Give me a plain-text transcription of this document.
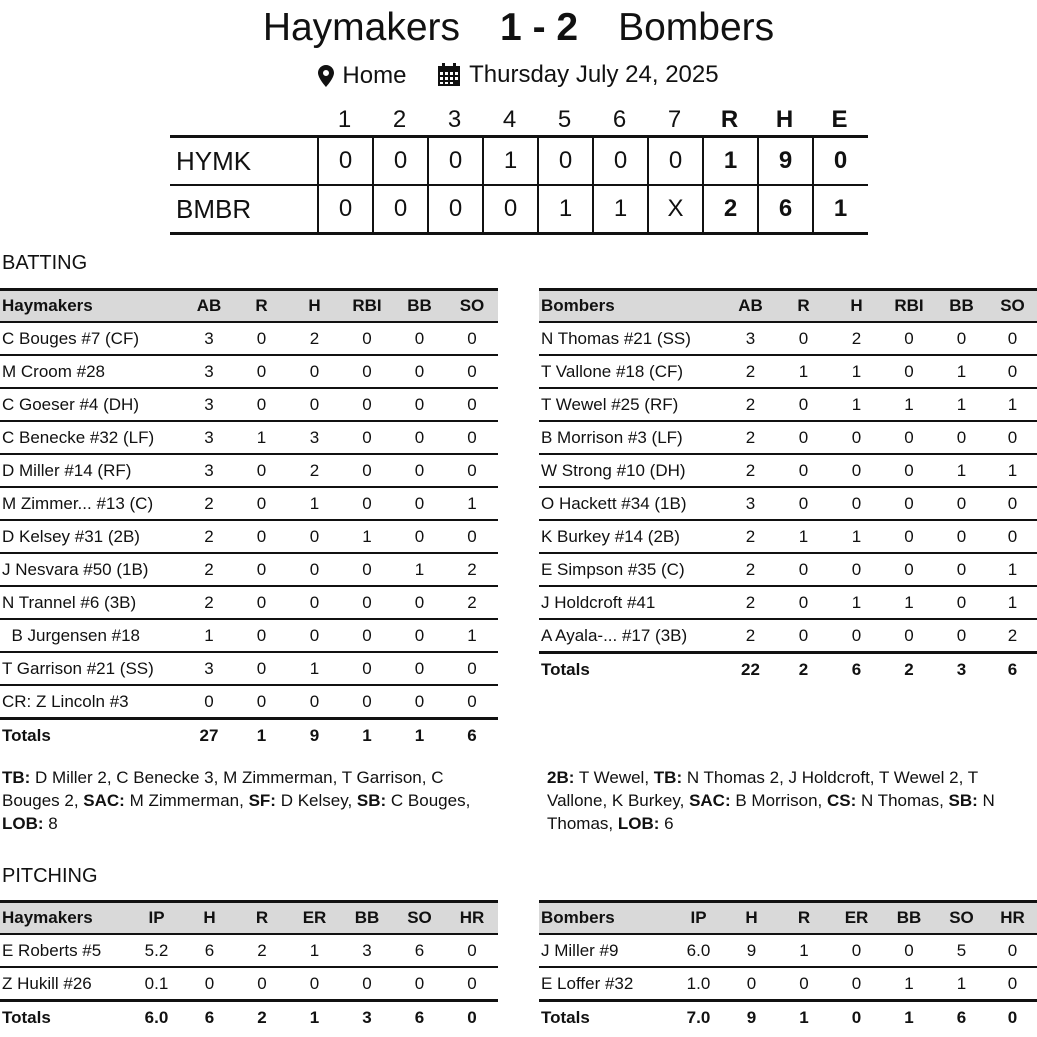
Haymakers 1 - 2 Bombers
Home
	Thursday July 24, 2025
1	2	3	4	5	6	7	R	H	E
HYMK	0	0	0	1	0	0	0	1	9	0
BMBR	0	0	0	0	1	1	X	2	6	1
BATTING
Haymakers	AB	R	H	RBI	BB	SO
C Bouges #7 (CF)	3	0	2	0	0	0
M Croom #28	3	0	0	0	0	0
C Goeser #4 (DH)	3	0	0	0	0	0
C Benecke #32 (LF)	3	1	3	0	0	0
D Miller #14 (RF)	3	0	2	0	0	0
M Zimmer... #13 (C)	2	0	1	0	0	1
D Kelsey #31 (2B)	2	0	0	1	0	0
J Nesvara #50 (1B)	2	0	0	0	1	2
N Trannel #6 (3B)	2	0	0	0	0	2
B Jurgensen #18	1	0	0	0	0	1
T Garrison #21 (SS)	3	0	1	0	0	0
CR: Z Lincoln #3	0	0	0	0	0	0
Totals	27	1	9	1	1	6
Bombers	AB	R	H	RBI	BB	SO
N Thomas #21 (SS)	3	0	2	0	0	0
T Vallone #18 (CF)	2	1	1	0	1	0
T Wewel #25 (RF)	2	0	1	1	1	1
B Morrison #3 (LF)	2	0	0	0	0	0
W Strong #10 (DH)	2	0	0	0	1	1
O Hackett #34 (1B)	3	0	0	0	0	0
K Burkey #14 (2B)	2	1	1	0	0	0
E Simpson #35 (C)	2	0	0	0	0	1
J Holdcroft #41	2	0	1	1	0	1
A Ayala-... #17 (3B)	2	0	0	0	0	2
Totals	22	2	6	2	3	6
TB: D Miller 2, C Benecke 3, M Zimmerman, T Garrison, C Bouges 2, SAC: M Zimmerman, SF: D Kelsey, SB: C Bouges, LOB: 8
2B: T Wewel, TB: N Thomas 2, J Holdcroft, T Wewel 2, T Vallone, K Burkey, SAC: B Morrison, CS: N Thomas, SB: N Thomas, LOB: 6
PITCHING
Haymakers	IP	H	R	ER	BB	SO	HR
E Roberts #5	5.2	6	2	1	3	6	0
Z Hukill #26	0.1	0	0	0	0	0	0
Totals	6.0	6	2	1	3	6	0
Bombers	IP	H	R	ER	BB	SO	HR
J Miller #9	6.0	9	1	0	0	5	0
E Loffer #32	1.0	0	0	0	1	1	0
Totals	7.0	9	1	0	1	6	0
